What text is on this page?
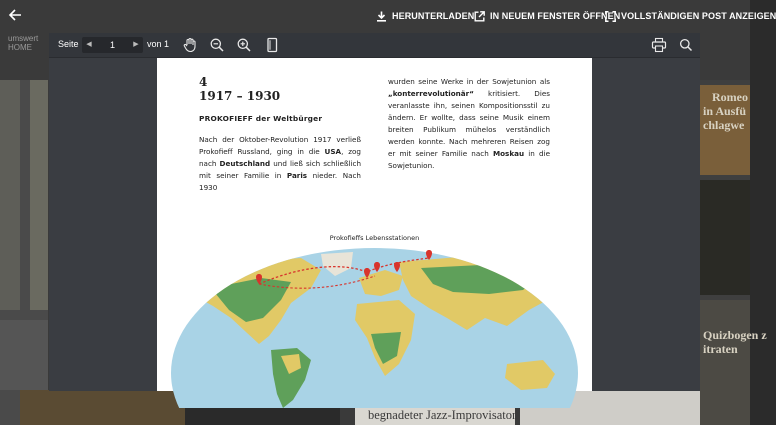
umswert
HOME
Romeo
in Ausfü
chlagwe
Quizbogen z
itraten
begnadeter Jazz-Improvisator.
HERUNTERLADEN IN NEUEM FENSTER ÖFFNEN VOLLSTÄNDIGEN POST ANZEIGEN
Seite	◀
1	▶ von 1
4
1917 – 1930
PROKOFIEFF der Weltbürger
Nach der Oktober-Revolution 1917 verließ Prokofieff Russland, ging in die USA, zog nach Deutschland und ließ sich schließlich mit seiner Familie in Paris nieder. Nach 1930
wurden seine Werke in der Sowjetunion als „konterrevolutionär“ kritisiert. Dies veranlasste ihn, seinen Kompositionsstil zu ändern. Er wollte, dass seine Musik einem breiten Publikum mühelos verständlich werden konnte. Nach mehreren Reisen zog er mit seiner Familie nach Moskau in die Sowjetunion.
Prokofieffs Lebensstationen
